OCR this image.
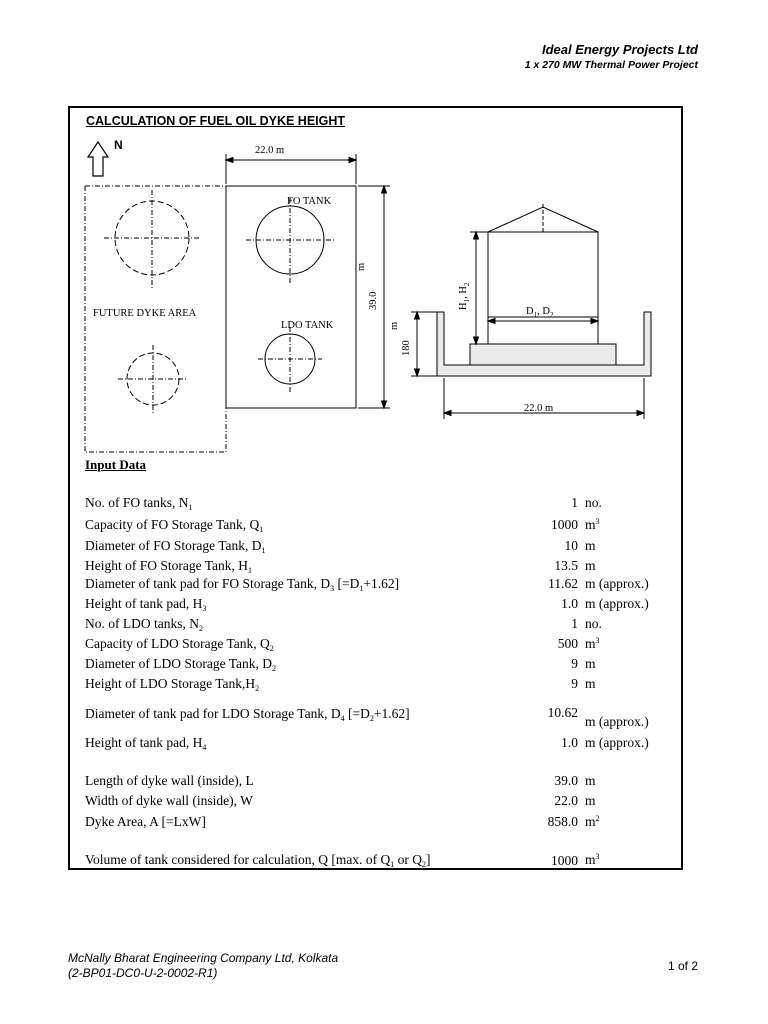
Ideal Energy Projects Ltd
1 x 270 MW Thermal Power Project
CALCULATION OF FUEL OIL DYKE HEIGHT
N
FUTURE DYKE AREA
FO TANK
LDO TANK
22.0 m
m
39.0	$H_1$, $H_2$
$D_1$, $D_2$
m
180
22.0 m
Input Data
No. of FO tanks, $N_1$	1 no.
Capacity of FO Storage Tank, $Q_1$	1000 $m^3$
Diameter of FO Storage Tank, $D_1$	10 m
Height of FO Storage Tank, $H_1$	13.5 m
Diameter of tank pad for FO Storage Tank, $D_3$ $[=D_1+1.62]$	11.62 m (approx.)
Height of tank pad, $H_3$	1.0 m (approx.)
No. of LDO tanks, $N_2$	1 no.
Capacity of LDO Storage Tank, $Q_2$	500 $m^3$
Diameter of LDO Storage Tank, $D_2$	9 m
Height of LDO Storage $Tank,H_2$	9 m
Diameter of tank pad for LDO Storage Tank, $D_4$ $[=D_2+1.62]$	10.62
m (approx.)
Height of tank pad, $H_4$	1.0 m (approx.)
Length of dyke wall (inside), L	39.0 m
Width of dyke wall (inside), W	22.0 m
Dyke Area, A [=LxW]	858.0 $m^2$
Volume of tank considered for calculation, Q [max. of $Q_1$ or $Q_2$]	1000 $m^3$
McNally Bharat Engineering Company Ltd, Kolkata
(2-BP01-DC0-U-2-0002-R1)	1 of 2
